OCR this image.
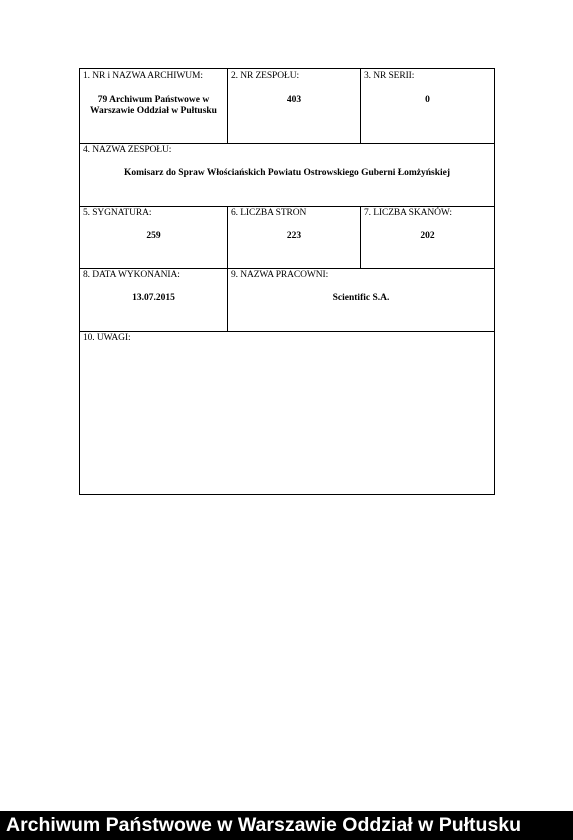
1. NR i NAZWA ARCHIWUM:
79 Archiwum Państwowe w Warszawie Oddział w Pułtusku
2. NR ZESPOŁU:
403
3. NR SERII:
0
4. NAZWA ZESPOŁU:
Komisarz do Spraw Włościańskich Powiatu Ostrowskiego Guberni Łomżyńskiej
5. SYGNATURA:
259
6. LICZBA STRON
223
7. LICZBA SKANÓW:
202
8. DATA WYKONANIA:
13.07.2015
9. NAZWA PRACOWNI:
Scientific S.A.
10. UWAGI:
Archiwum Państwowe w Warszawie Oddział w Pułtusku
